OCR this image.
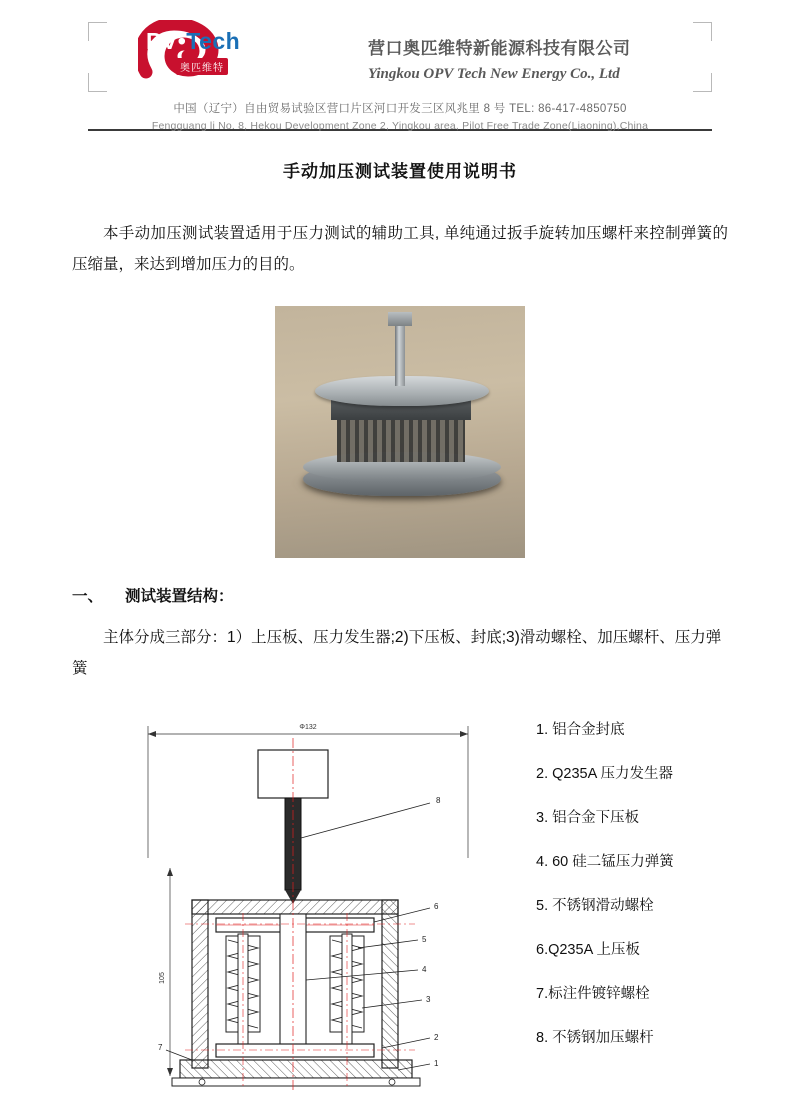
PV•Tech
奥匹维特
营口奥匹维特新能源科技有限公司
Yingkou OPV Tech New Energy Co., Ltd
中国（辽宁）自由贸易试验区营口片区河口开发三区风兆里 8 号 TEL: 86-417-4850750
Fengguang li No. 8, Hekou Development Zone 2, Yingkou area, Pilot Free Trade Zone(Liaoning),China
手动加压测试装置使用说明书
本手动加压测试装置适用于压力测试的辅助工具, 单纯通过扳手旋转加压螺杆来控制弹簧的压缩量，来达到增加压力的目的。
一、 测试装置结构：
主体分成三部分：1）上压板、压力发生器;2)下压板、封底;3)滑动螺栓、加压螺杆、压力弹簧
Φ132
105
8
6
5
4
3
2
1
7
1. 铝合金封底
2. Q235A 压力发生器
3. 铝合金下压板
4. 60 硅二锰压力弹簧
5. 不锈钢滑动螺栓
6.Q235A 上压板
7.标注件镀锌螺栓
8. 不锈钢加压螺杆
